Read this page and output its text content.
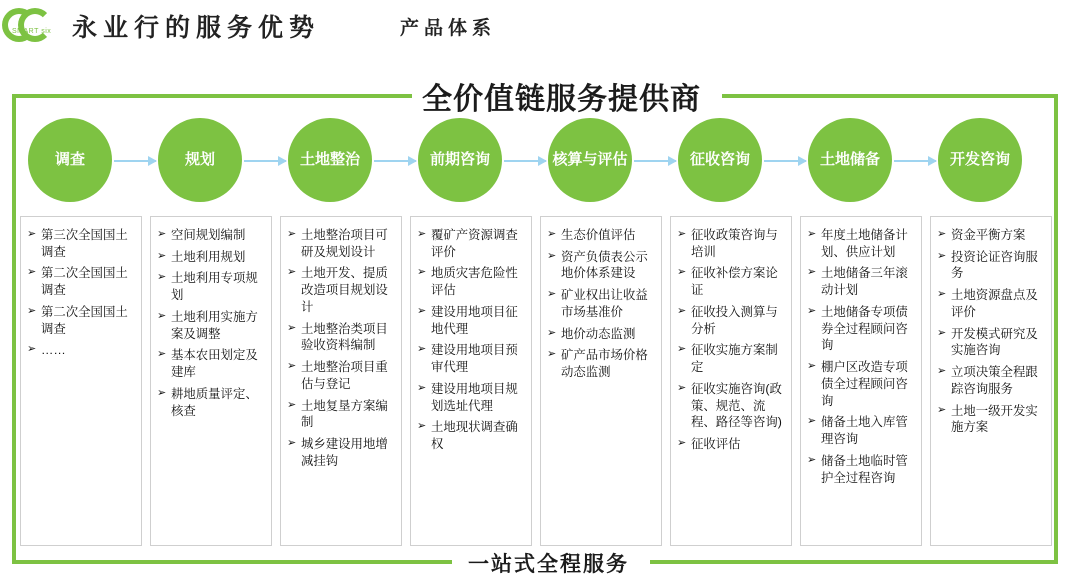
SMART six 永业行的服务优势	产品体系
全价值链服务提供商
一站式全程服务
调查	规划	土地整治	前期咨询	核算与评估	征收咨询	土地储备	开发咨询
➢ 第三次全国国土调查
➢ 第二次全国国土调查
➢ 第二次全国国土调查
➢ ……
➢ 空间规划编制
➢ 土地利用规划
➢ 土地利用专项规划
➢ 土地利用实施方案及调整
➢ 基本农田划定及建库
➢ 耕地质量评定、核查
➢ 土地整治项目可研及规划设计
➢ 土地开发、提质改造项目规划设计
➢ 土地整治类项目验收资料编制
➢ 土地整治项目重估与登记
➢ 土地复垦方案编制
➢ 城乡建设用地增减挂钩
➢ 覆矿产资源调查评价
➢ 地质灾害危险性评估
➢ 建设用地项目征地代理
➢ 建设用地项目预审代理
➢ 建设用地项目规划选址代理
➢ 土地现状调查确权
➢ 生态价值评估
➢ 资产负债表公示地价体系建设
➢ 矿业权出让收益市场基准价
➢ 地价动态监测
➢ 矿产品市场价格动态监测
➢ 征收政策咨询与培训
➢ 征收补偿方案论证
➢ 征收投入测算与分析
➢ 征收实施方案制定
➢ 征收实施咨询(政策、规范、流程、路径等咨询)
➢ 征收评估
➢ 年度土地储备计划、供应计划
➢ 土地储备三年滚动计划
➢ 土地储备专项债券全过程顾问咨询
➢ 棚户区改造专项债全过程顾问咨询
➢ 储备土地入库管理咨询
➢ 储备土地临时管护全过程咨询
➢ 资金平衡方案
➢ 投资论证咨询服务
➢ 土地资源盘点及评价
➢ 开发模式研究及实施咨询
➢ 立项决策全程跟踪咨询服务
➢ 土地一级开发实施方案
